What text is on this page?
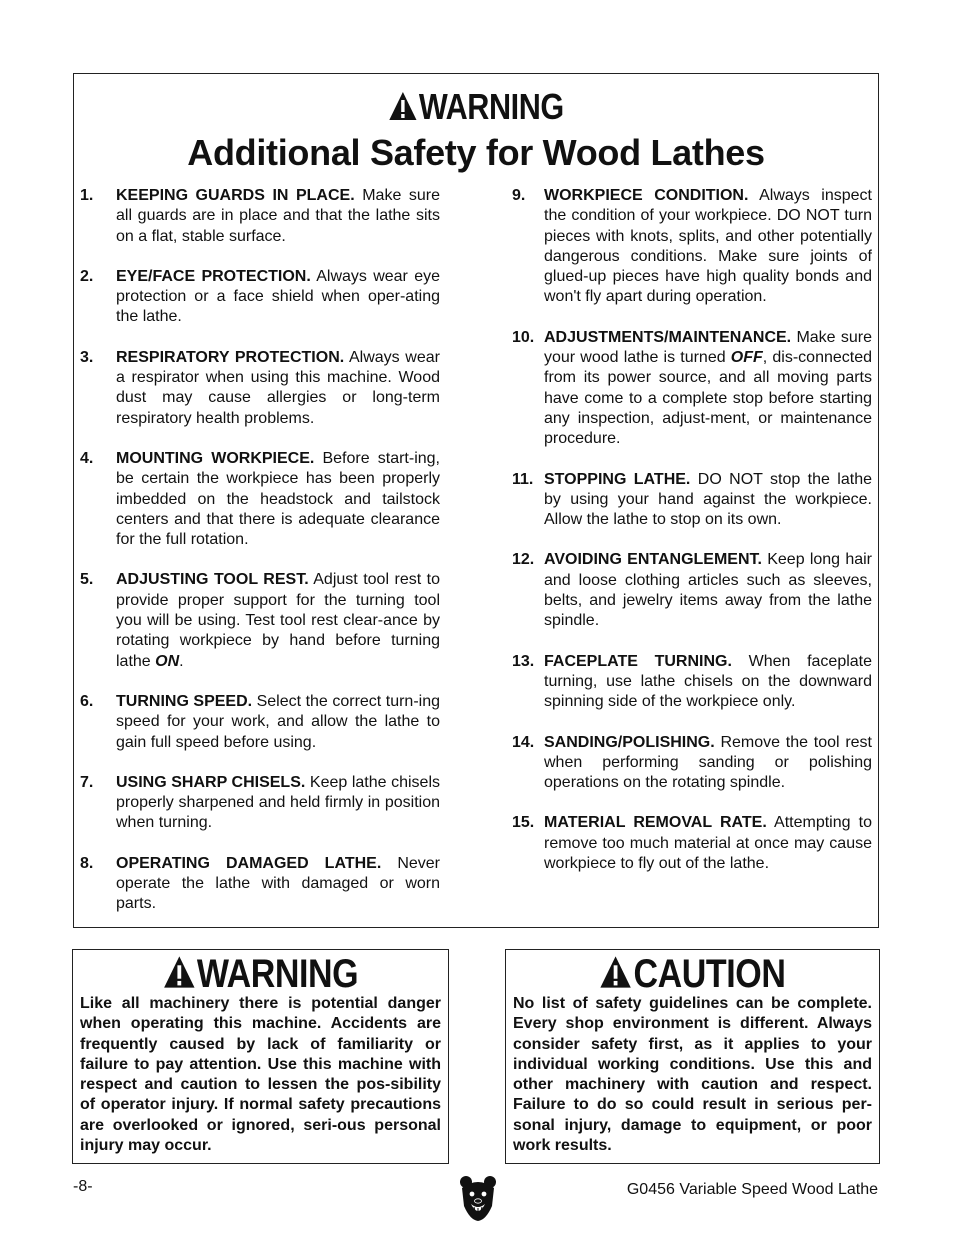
WARNING
Additional Safety for Wood Lathes
1. KEEPING GUARDS IN PLACE. Make sure all guards are in place and that the lathe sits on a flat, stable surface.
2. EYE/FACE PROTECTION. Always wear eye protection or a face shield when oper-ating the lathe.
3. RESPIRATORY PROTECTION. Always wear a respirator when using this machine. Wood dust may cause allergies or long-term respiratory health problems.
4. MOUNTING WORKPIECE. Before start-ing, be certain the workpiece has been properly imbedded on the headstock and tailstock centers and that there is adequate clearance for the full rotation.
5. ADJUSTING TOOL REST. Adjust tool rest to provide proper support for the turning tool you will be using. Test tool rest clear-ance by rotating workpiece by hand before turning lathe ON.
6. TURNING SPEED. Select the correct turn-ing speed for your work, and allow the lathe to gain full speed before using.
7. USING SHARP CHISELS. Keep lathe chisels properly sharpened and held firmly in position when turning.
8. OPERATING DAMAGED LATHE. Never operate the lathe with damaged or worn parts.
9. WORKPIECE CONDITION. Always inspect the condition of your workpiece. DO NOT turn pieces with knots, splits, and other potentially dangerous conditions. Make sure joints of glued-up pieces have high quality bonds and won't fly apart during operation.
10. ADJUSTMENTS/MAINTENANCE. Make sure your wood lathe is turned OFF, dis-connected from its power source, and all moving parts have come to a complete stop before starting any inspection, adjust-ment, or maintenance procedure.
11. STOPPING LATHE. DO NOT stop the lathe by using your hand against the workpiece. Allow the lathe to stop on its own.
12. AVOIDING ENTANGLEMENT. Keep long hair and loose clothing articles such as sleeves, belts, and jewelry items away from the lathe spindle.
13. FACEPLATE TURNING. When faceplate turning, use lathe chisels on the downward spinning side of the workpiece only.
14. SANDING/POLISHING. Remove the tool rest when performing sanding or polishing operations on the rotating spindle.
15. MATERIAL REMOVAL RATE. Attempting to remove too much material at once may cause workpiece to fly out of the lathe.
WARNING
Like all machinery there is potential danger when operating this machine. Accidents are frequently caused by lack of familiarity or failure to pay attention. Use this machine with respect and caution to lessen the pos-sibility of operator injury. If normal safety precautions are overlooked or ignored, seri-ous personal injury may occur.
CAUTION
No list of safety guidelines can be complete. Every shop environment is different. Always consider safety first, as it applies to your individual working conditions. Use this and other machinery with caution and respect. Failure to do so could result in serious per-sonal injury, damage to equipment, or poor work results.
-8-	G0456 Variable Speed Wood Lathe
